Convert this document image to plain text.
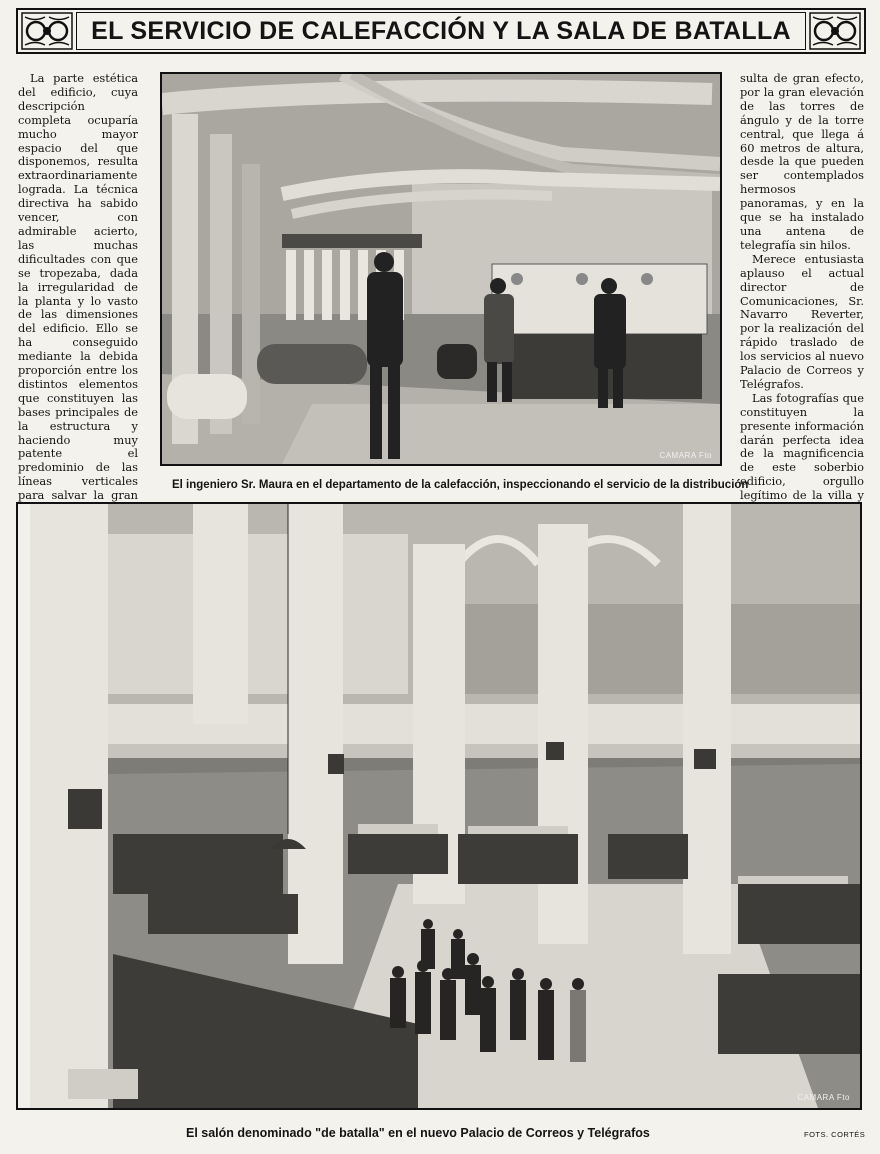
EL SERVICIO DE CALEFACCIÓN Y LA SALA DE BATALLA

La parte estética del edificio, cuya descripción completa ocuparía mucho mayor espacio del que disponemos, resulta extraordinariamente lograda. La técnica directiva ha sabido vencer, con admirable acierto, las muchas dificultades con que se tropezaba, dada la irregularidad de la planta y lo vasto de las dimensiones del edificio. Ello se ha conseguido mediante la debida proporción entre los distintos elementos que constituyen las bases principales de la estructura y haciendo muy patente el predominio de las líneas verticales para salvar la gran

CAMARA Fto

sulta de gran efecto, por la gran elevación de las torres de ángulo y de la torre central, que llega á 60 metros de altura, desde la que pueden ser contemplados hermosos panoramas, y en la que se ha instalado una antena de telegrafía sin hilos.

Merece entusiasta aplauso el actual director de Comunicaciones, Sr. Navarro Reverter, por la realización del rápido traslado de los servicios al nuevo Palacio de Correos y Telégrafos.

Las fotografías que constituyen la presente información darán perfecta idea de la magnificencia de este soberbio edificio, orgullo legítimo de la villa y

El ingeniero Sr. Maura en el departamento de la calefacción, inspeccionando el servicio de la distribución
CAMARA Fto
El salón denominado "de batalla" en el nuevo Palacio de Correos y Telégrafos	FOTS. CORTÉS
